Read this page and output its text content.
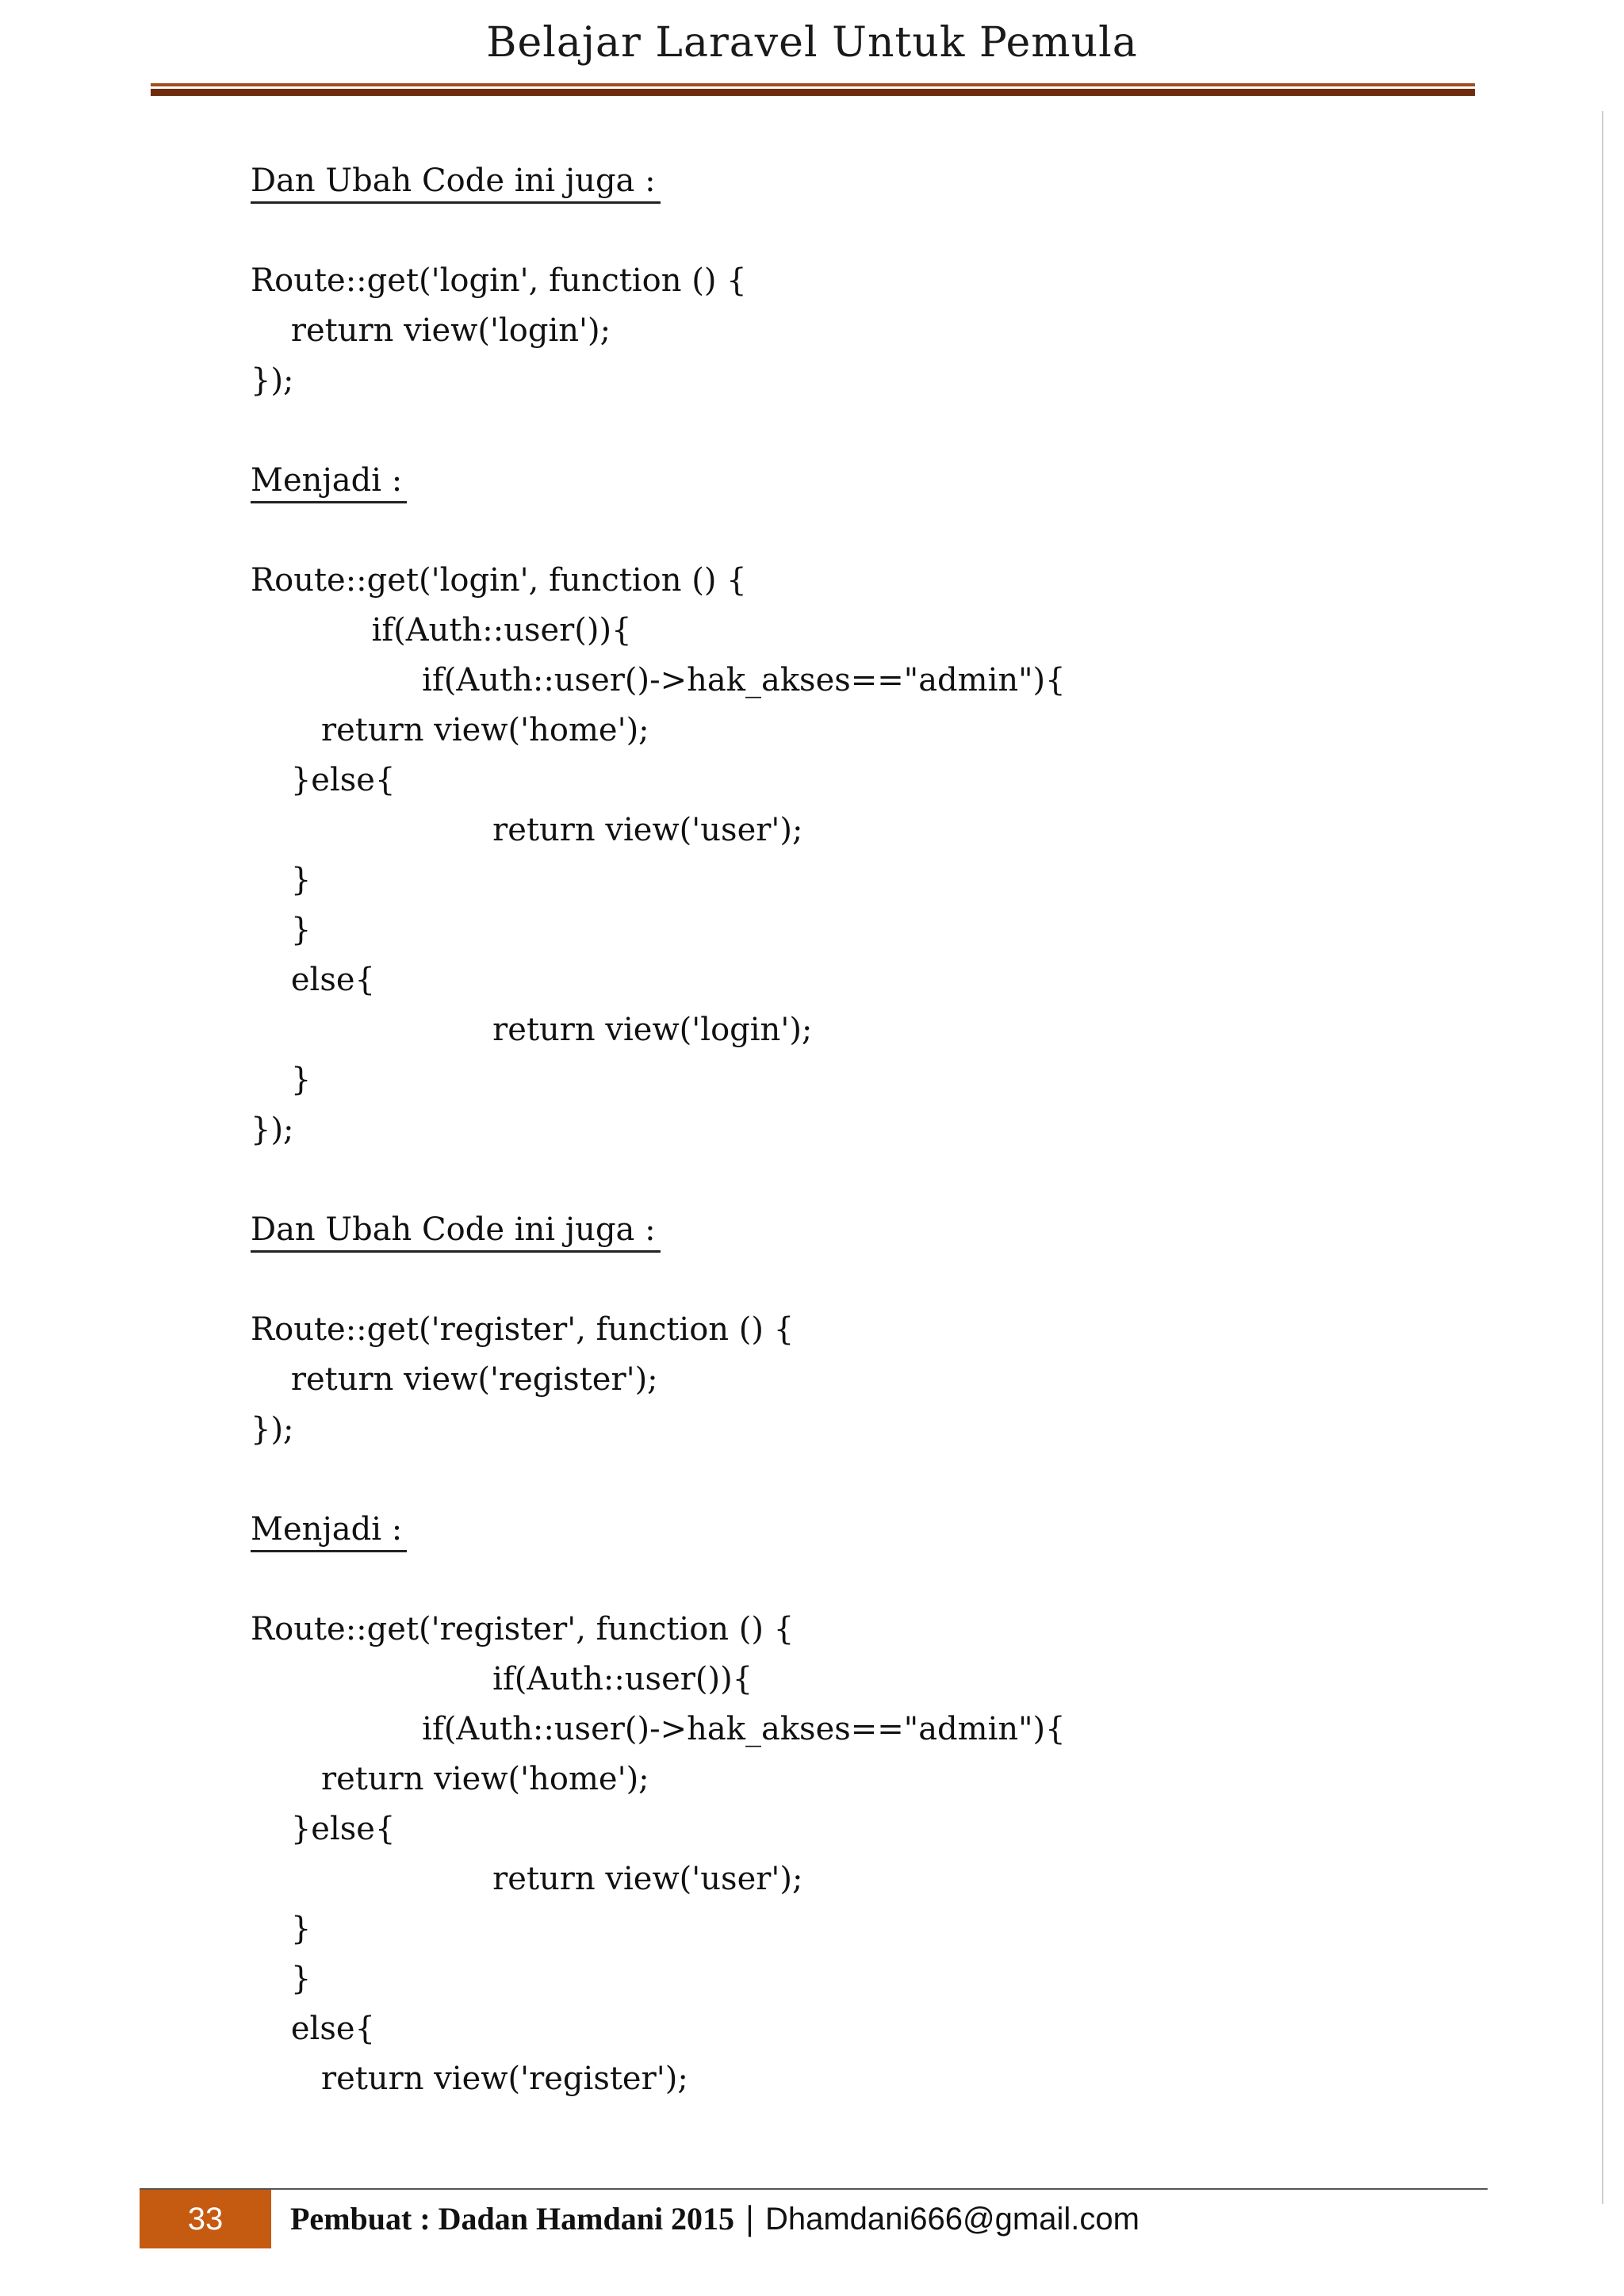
Belajar Laravel Untuk Pemula
Dan Ubah Code ini juga :
Route::get('login', function () {
return view('login');
});
Menjadi :
Route::get('login', function () {
if(Auth::user()){
if(Auth::user()->hak_akses=="admin"){
return view('home');
}else{
return view('user');
}
}
else{
return view('login');
}
});
Dan Ubah Code ini juga :
Route::get('register', function () {
return view('register');
});
Menjadi :
Route::get('register', function () {
if(Auth::user()){
if(Auth::user()->hak_akses=="admin"){
return view('home');
}else{
return view('user');
}
}
else{
return view('register');
33	Pembuat : Dadan Hamdani 2015 | Dhamdani666@gmail.com
